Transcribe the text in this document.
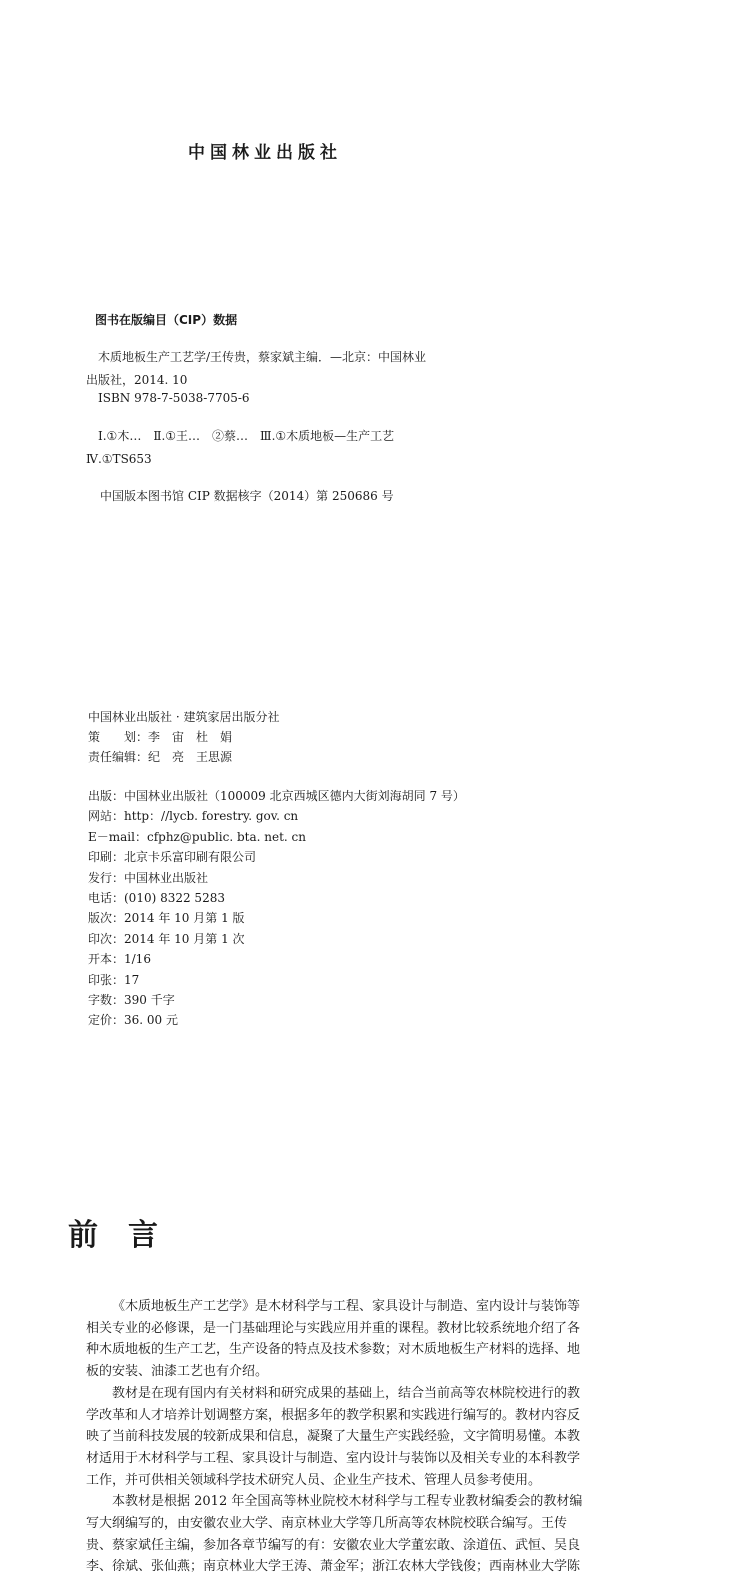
中国林业出版社
图书在版编目（CIP）数据
木质地板生产工艺学/王传贵，蔡家斌主编．—北京：中国林业
出版社，2014. 10
ISBN 978-7-5038-7705-6
Ⅰ.①木…　Ⅱ.①王…　②蔡…　Ⅲ.①木质地板—生产工艺
Ⅳ.①TS653
中国版本图书馆 CIP 数据核字（2014）第 250686 号
中国林业出版社 · 建筑家居出版分社
策　　划：李　宙　杜　娟
责任编辑：纪　亮　王思源
出版：中国林业出版社（100009 北京西城区德内大街刘海胡同 7 号）
网站：http：//lycb. forestry. gov. cn
E－mail：cfphz@public. bta. net. cn
印刷：北京卡乐富印刷有限公司
发行：中国林业出版社
电话：(010) 8322 5283
版次：2014 年 10 月第 1 版
印次：2014 年 10 月第 1 次
开本：1/16
印张：17
字数：390 千字
定价：36. 00 元
前言

《木质地板生产工艺学》是木材科学与工程、家具设计与制造、室内设计与装饰等相关专业的必修课，是一门基础理论与实践应用并重的课程。教材比较系统地介绍了各种木质地板的生产工艺，生产设备的特点及技术参数；对木质地板生产材料的选择、地板的安装、油漆工艺也有介绍。

教材是在现有国内有关材料和研究成果的基础上，结合当前高等农林院校进行的教学改革和人才培养计划调整方案，根据多年的教学积累和实践进行编写的。教材内容反映了当前科技发展的较新成果和信息，凝聚了大量生产实践经验，文字简明易懂。本教材适用于木材科学与工程、家具设计与制造、室内设计与装饰以及相关专业的本科教学工作，并可供相关领域科学技术研究人员、企业生产技术、管理人员参考使用。

本教材是根据 2012 年全国高等林业院校木材科学与工程专业教材编委会的教材编写大纲编写的，由安徽农业大学、南京林业大学等几所高等农林院校联合编写。王传贵、蔡家斌任主编，参加各章节编写的有：安徽农业大学董宏敢、涂道伍、武恒、吴良李、徐斌、张仙燕；南京林业大学王涛、萧金军；浙江农林大学钱俊；西南林业大学陈
